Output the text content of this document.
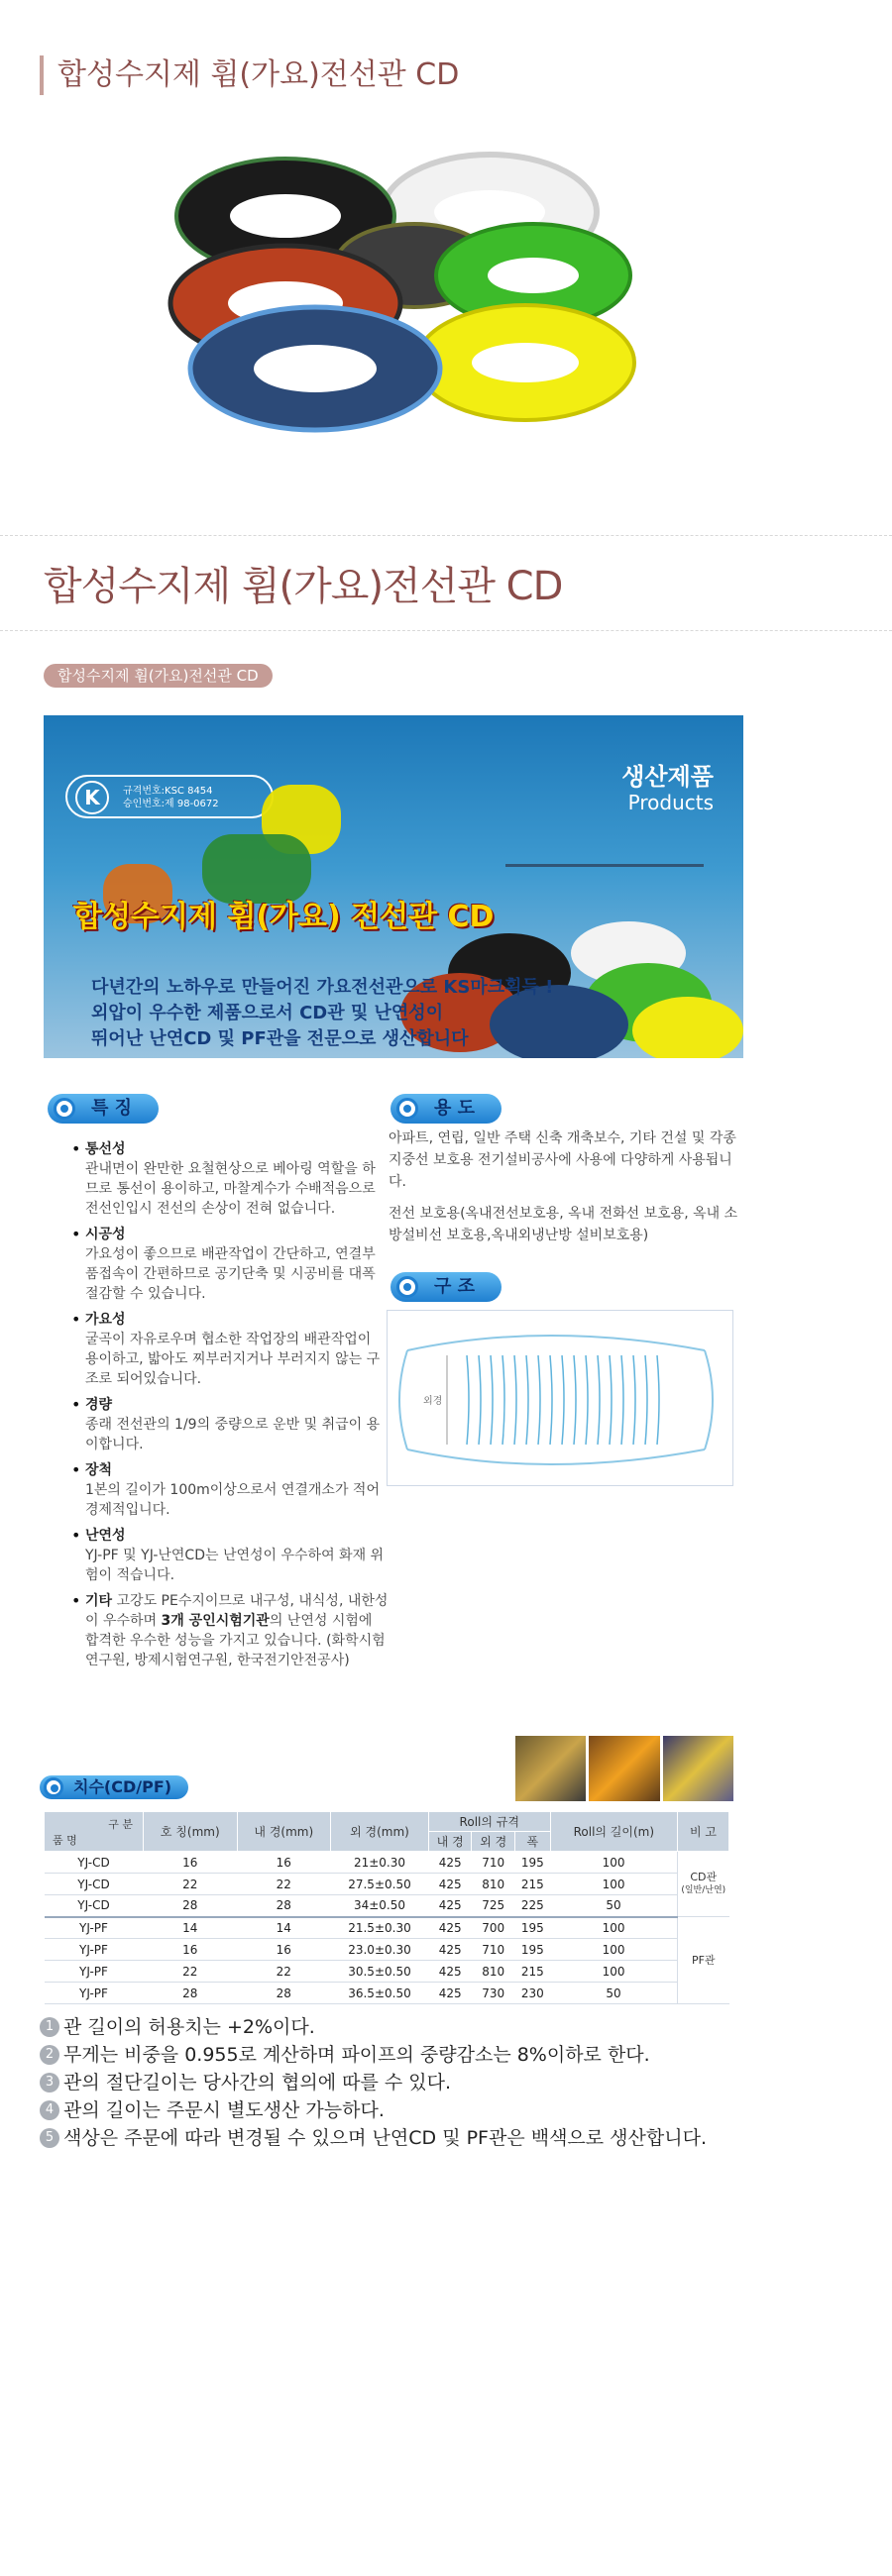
합성수지제 휨(가요)전선관 CD
합성수지제 휨(가요)전선관 CD
합성수지제 휨(가요)전선관 CD
K	규격번호:KSC 8454
승인번호:제 98-0672
생산제품
Products
합성수지제 휨(가요) 전선관 CD
다년간의 노하우로 만들어진 가요전선관으로 KS마크획득 !
외압이 우수한 제품으로서 CD관 및 난연성이
뛰어난 난연CD 및 PF관을 전문으로 생산합니다
특 징
• 통선성
관내면이 완만한 요철현상으로 베아링 역할을 하므로 통선이 용이하고, 마찰계수가 수배적음으로 전선인입시 전선의 손상이 전혀 없습니다.
• 시공성
가요성이 좋으므로 배관작업이 간단하고, 연결부품접속이 간편하므로 공기단축 및 시공비를 대폭절감할 수 있습니다.
• 가요성
굴곡이 자유로우며 협소한 작업장의 배관작업이 용이하고, 밟아도 찌부러지거나 부러지지 않는 구조로 되어있습니다.
• 경량
종래 전선관의 1/9의 중량으로 운반 및 취급이 용이합니다.
• 장척
1본의 길이가 100m이상으로서 연결개소가 적어 경제적입니다.
• 난연성
YJ-PF 및 YJ-난연CD는 난연성이 우수하여 화재 위험이 적습니다.
• 기타 고강도 PE수지이므로 내구성, 내식성, 내한성이 우수하며 3개 공인시험기관의 난연성 시험에 합격한 우수한 성능을 가지고 있습니다. (화학시험연구원, 방제시험연구원, 한국전기안전공사)
용 도

아파트, 연립, 일반 주택 신축 개축보수, 기타 건설 및 각종 지중선 보호용 전기설비공사에 사용에 다양하게 사용됩니다.

전선 보호용(옥내전선보호용, 옥내 전화선 보호용, 옥내 소방설비선 보호용,옥내외냉난방 설비보호용)

구 조
외경
치수(CD/PF)
구 분
품 명	호 칭(mm)	내 경(mm)	외 경(mm)	Roll의 규격			Roll의 길이(m)	비 고
				내 경	외 경	폭		
YJ-CD	16	16	21±0.30	425	710	195	100	CD관
(일반/난연)
YJ-CD	22	22	27.5±0.50	425	810	215	100	
YJ-CD	28	28	34±0.50	425	725	225	50	
YJ-PF	14	14	21.5±0.30	425	700	195	100	PF관
YJ-PF	16	16	23.0±0.30	425	710	195	100	
YJ-PF	22	22	30.5±0.50	425	810	215	100	
YJ-PF	28	28	36.5±0.50	425	730	230	50	
1 관 길이의 허용치는 +2%이다.
2 무게는 비중을 0.955로 계산하며 파이프의 중량감소는 8%이하로 한다.
3 관의 절단길이는 당사간의 협의에 따를 수 있다.
4 관의 길이는 주문시 별도생산 가능하다.
5 색상은 주문에 따라 변경될 수 있으며 난연CD 및 PF관은 백색으로 생산합니다.
